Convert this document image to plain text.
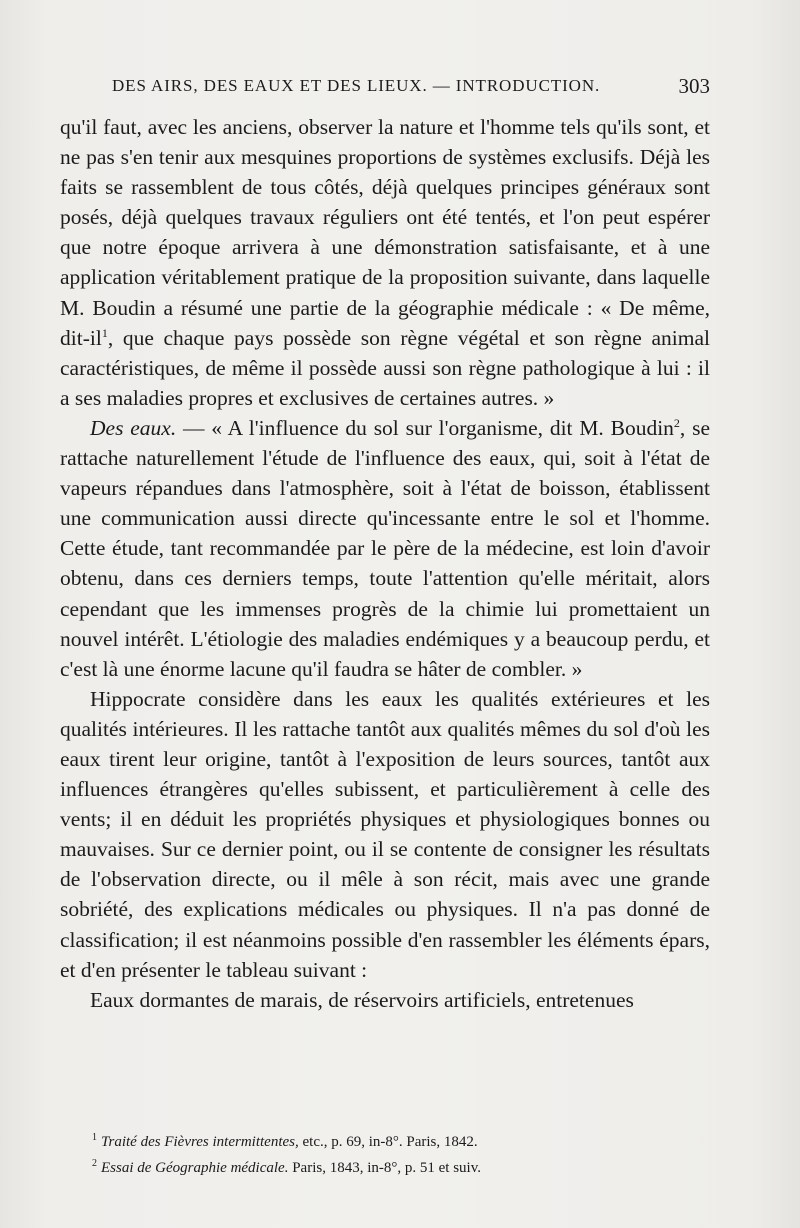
DES AIRS, DES EAUX ET DES LIEUX. — INTRODUCTION.	303

qu'il faut, avec les anciens, observer la nature et l'homme tels qu'ils sont, et ne pas s'en tenir aux mesquines proportions de systèmes exclusifs. Déjà les faits se rassemblent de tous côtés, déjà quelques principes généraux sont posés, déjà quelques travaux réguliers ont été tentés, et l'on peut espérer que notre époque arrivera à une démonstration satisfaisante, et à une application véritablement pratique de la proposition suivante, dans laquelle M. Boudin a résumé une partie de la géographie médicale : « De même, dit-$il^1$, que chaque pays possède son règne végétal et son règne animal caractéristiques, de même il possède aussi son règne pathologique à lui : il a ses maladies propres et exclusives de certaines autres. »

Des eaux. — « A l'influence du sol sur l'organisme, dit M. Boudin$^2$, se rattache naturellement l'étude de l'influence des eaux, qui, soit à l'état de vapeurs répandues dans l'atmosphère, soit à l'état de boisson, établissent une communication aussi directe qu'incessante entre le sol et l'homme. Cette étude, tant recommandée par le père de la médecine, est loin d'avoir obtenu, dans ces derniers temps, toute l'attention qu'elle méritait, alors cependant que les immenses progrès de la chimie lui promettaient un nouvel intérêt. L'étiologie des maladies endémiques y a beaucoup perdu, et c'est là une énorme lacune qu'il faudra se hâter de combler. »

Hippocrate considère dans les eaux les qualités extérieures et les qualités intérieures. Il les rattache tantôt aux qualités mêmes du sol d'où les eaux tirent leur origine, tantôt à l'exposition de leurs sources, tantôt aux influences étrangères qu'elles subissent, et particulièrement à celle des vents; il en déduit les propriétés physiques et physiologiques bonnes ou mauvaises. Sur ce dernier point, ou il se contente de consigner les résultats de l'observation directe, ou il mêle à son récit, mais avec une grande sobriété, des explications médicales ou physiques. Il n'a pas donné de classification; il est néanmoins possible d'en rassembler les éléments épars, et d'en présenter le tableau suivant :

Eaux dormantes de marais, de réservoirs artificiels, entretenues

$^1$ Traité des Fièvres intermittentes, etc., p. 69, in-8°. Paris, 1842.
$^2$ Essai de Géographie médicale. Paris, 1843, in-8°, p. 51 et suiv.
